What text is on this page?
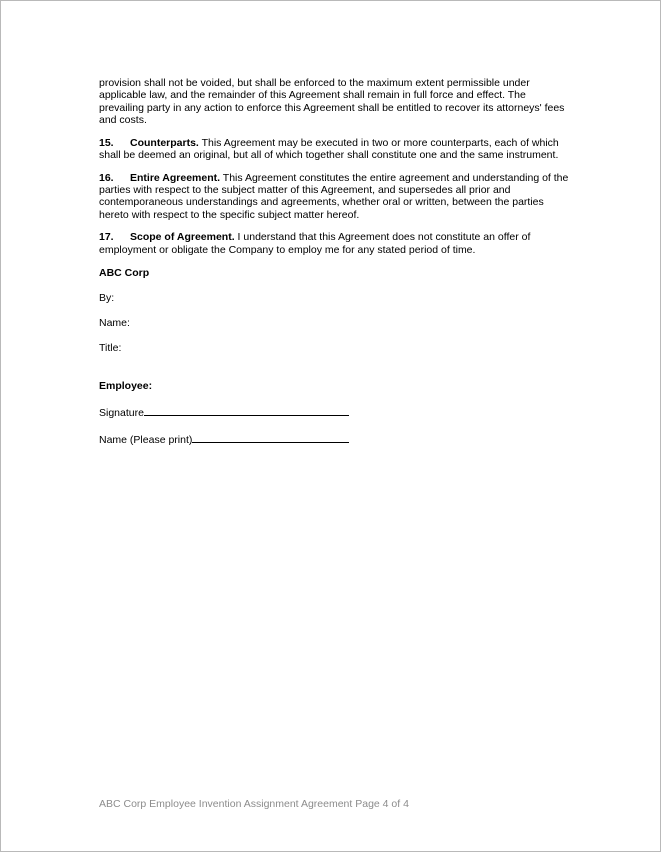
provision shall not be voided, but shall be enforced to the maximum extent permissible under applicable law, and the remainder of this Agreement shall remain in full force and effect. The prevailing party in any action to enforce this Agreement shall be entitled to recover its attorneys' fees and costs.

15. Counterparts. This Agreement may be executed in two or more counterparts, each of which shall be deemed an original, but all of which together shall constitute one and the same instrument.

16. Entire Agreement. This Agreement constitutes the entire agreement and understanding of the parties with respect to the subject matter of this Agreement, and supersedes all prior and contemporaneous understandings and agreements, whether oral or written, between the parties hereto with respect to the specific subject matter hereof.

17. Scope of Agreement. I understand that this Agreement does not constitute an offer of employment or obligate the Company to employ me for any stated period of time.

ABC Corp
By:
Name:
Title:
Employee:
Signature
Name (Please print)
ABC Corp Employee Invention Assignment Agreement Page 4 of 4
